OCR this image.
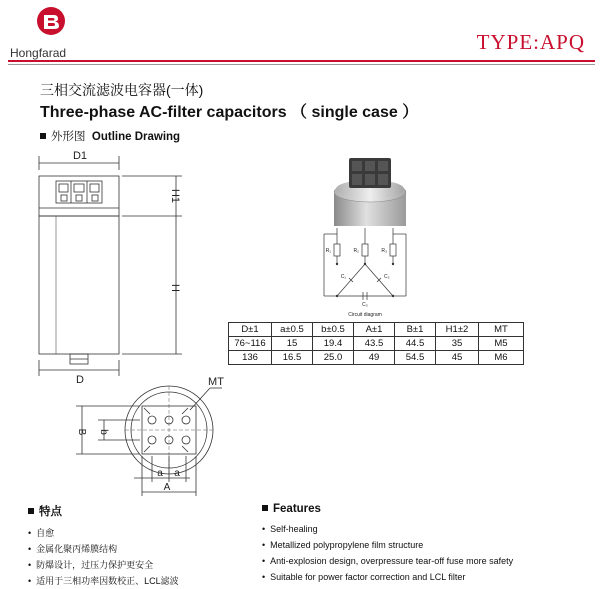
Hongfarad	TYPE:APQ
三相交流滤波电容器(一体)
Three-phase AC-filter capacitors （ single case ）
外形图 Outline Drawing
D1
D
H1
H
MT
B b
a a
A
R₁	R₂	R₃
C₁	C₂
C₃
Circuit diagram
D±1	a±0.5	b±0.5	A±1	B±1	H1±2	MT
76~116	15	19.4	43.5	44.5	35	M5
136	16.5	25.0	49	54.5	45	M6
特点
• 自愈
• 金属化聚丙烯膜结构
• 防爆设计，过压力保护更安全
• 适用于三相功率因数校正、LCL滤波
Features
• Self-healing
• Metallized polypropylene film structure
• Anti-explosion design, overpressure tear-off fuse more safety
• Suitable for power factor correction and LCL filter
